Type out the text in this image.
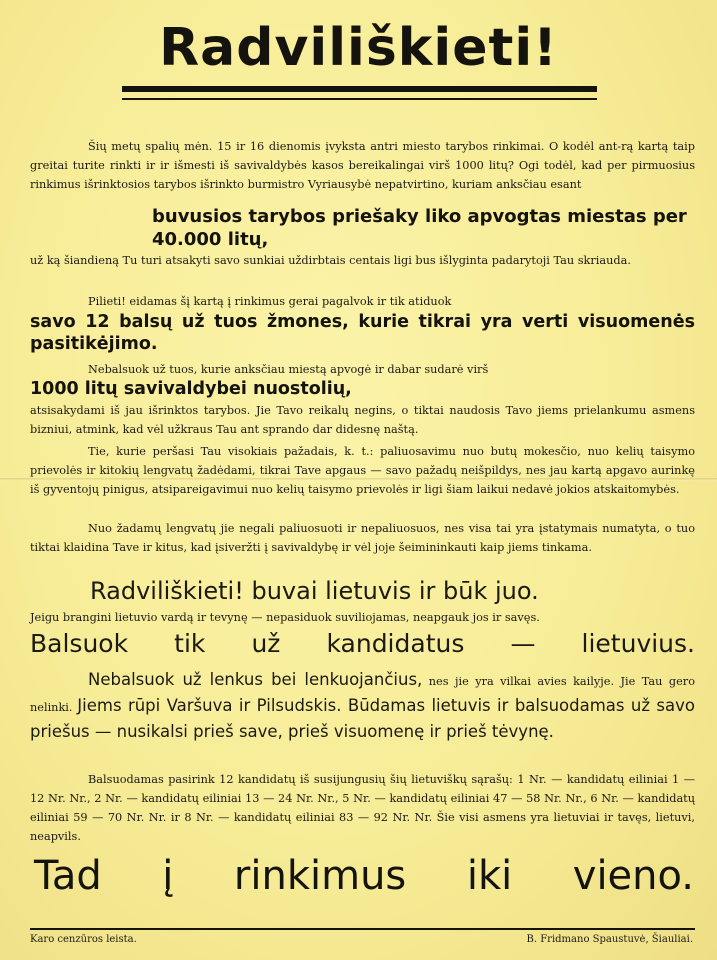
Radviliškieti!

Šių metų spalių mėn. 15 ir 16 dienomis įvyksta antri miesto tarybos rinkimai. O kodėl ant-rą kartą taip greitai turite rinkti ir ir išmesti iš savivaldybės kasos bereikalingai virš 1000 litų? Ogi todėl, kad per pirmuosius rinkimus išrinktosios tarybos išrinkto burmistro Vyriausybė nepatvirtino, kuriam anksčiau esant

buvusios tarybos priešaky liko apvogtas miestas per 40.000 litų,

už ką šiandieną Tu turi atsakyti savo sunkiai uždirbtais centais ligi bus išlyginta padarytoji Tau skriauda.

Pilieti! eidamas šį kartą į rinkimus gerai pagalvok ir tik atiduok

savo 12 balsų už tuos žmones, kurie tikrai yra verti visuomenės pasitikėjimo.

Nebalsuok už tuos, kurie anksčiau miestą apvogė ir dabar sudarė virš

1000 litų savivaldybei nuostolių,

atsisakydami iš jau išrinktos tarybos. Jie Tavo reikalų negins, o tiktai naudosis Tavo jiems prielankumu asmens bizniui, atmink, kad vėl užkraus Tau ant sprando dar didesnę naštą.

Tie, kurie peršasi Tau visokiais pažadais, k. t.: paliuosavimu nuo butų mokesčio, nuo kelių taisymo prievolės ir kitokių lengvatų žadėdami, tikrai Tave apgaus — savo pažadų neišpildys, nes jau kartą apgavo aurinkę iš gyventojų pinigus, atsipareigavimui nuo kelių taisymo prievolės ir ligi šiam laikui nedavė jokios atskaitomybės.

Nuo žadamų lengvatų jie negali paliuosuoti ir nepaliuosuos, nes visa tai yra įstatymais numatyta, o tuo tiktai klaidina Tave ir kitus, kad įsiveržti į savivaldybę ir vėl joje šeimininkauti kaip jiems tinkama.

Radviliškieti! buvai lietuvis ir būk juo.

Jeigu brangini lietuvio vardą ir tevynę — nepasiduok suviliojamas, neapgauk jos ir savęs.

Balsuok tik už kandidatus — lietuvius.

Nebalsuok už lenkus bei lenkuojančius, nes jie yra vilkai avies kailyje. Jie Tau gero nelinki. Jiems rūpi Varšuva ir Pilsudskis. Būdamas lietuvis ir balsuodamas už savo priešus — nusikalsi prieš save, prieš visuomenę ir prieš tėvynę.

Balsuodamas pasirink 12 kandidatų iš susijungusių šių lietuviškų sąrašų: 1 Nr. — kandidatų eiliniai 1 — 12 Nr. Nr., 2 Nr. — kandidatų eiliniai 13 — 24 Nr. Nr., 5 Nr. — kandidatų eiliniai 47 — 58 Nr. Nr., 6 Nr. — kandidatų eiliniai 59 — 70 Nr. Nr. ir 8 Nr. — kandidatų eiliniai 83 — 92 Nr. Nr. Šie visi asmens yra lietuviai ir tavęs, lietuvi, neapvils.

Tad į rinkimus iki vieno.

Karo cenzūros leista.	B. Fridmano Spaustuvė, Šiauliai.
